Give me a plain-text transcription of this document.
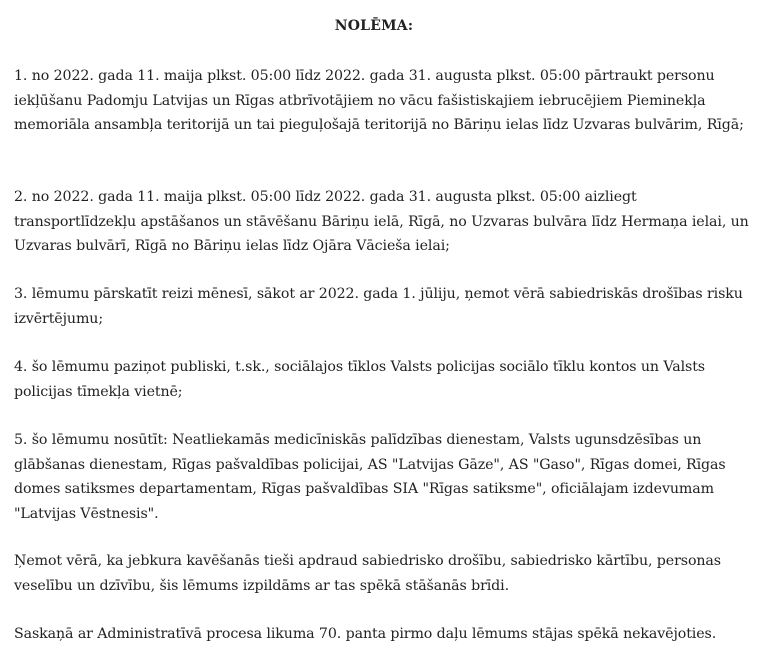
NOLĒMA:

1. no 2022. gada 11. maija plkst. 05:00 līdz 2022. gada 31. augusta plkst. 05:00 pārtraukt personu iekļūšanu Padomju Latvijas un Rīgas atbrīvotājiem no vācu fašistiskajiem iebrucējiem Pieminekļa memoriāla ansambļa teritorijā un tai pieguļošajā teritorijā no Bāriņu ielas līdz Uzvaras bulvārim, Rīgā;

2. no 2022. gada 11. maija plkst. 05:00 līdz 2022. gada 31. augusta plkst. 05:00 aizliegt transportlīdzekļu apstāšanos un stāvēšanu Bāriņu ielā, Rīgā, no Uzvaras bulvāra līdz Hermaņa ielai, un Uzvaras bulvārī, Rīgā no Bāriņu ielas līdz Ojāra Vācieša ielai;

3. lēmumu pārskatīt reizi mēnesī, sākot ar 2022. gada 1. jūliju, ņemot vērā sabiedriskās drošības risku izvērtējumu;

4. šo lēmumu paziņot publiski, t.sk., sociālajos tīklos Valsts policijas sociālo tīklu kontos un Valsts policijas tīmekļa vietnē;

5. šo lēmumu nosūtīt: Neatliekamās medicīniskās palīdzības dienestam, Valsts ugunsdzēsības un glābšanas dienestam, Rīgas pašvaldības policijai, AS "Latvijas Gāze", AS "Gaso", Rīgas domei, Rīgas domes satiksmes departamentam, Rīgas pašvaldības SIA "Rīgas satiksme", oficiālajam izdevumam "Latvijas Vēstnesis".

Ņemot vērā, ka jebkura kavēšanās tieši apdraud sabiedrisko drošību, sabiedrisko kārtību, personas veselību un dzīvību, šis lēmums izpildāms ar tas spēkā stāšanās brīdi.

Saskaņā ar Administratīvā procesa likuma 70. panta pirmo daļu lēmums stājas spēkā nekavējoties.
